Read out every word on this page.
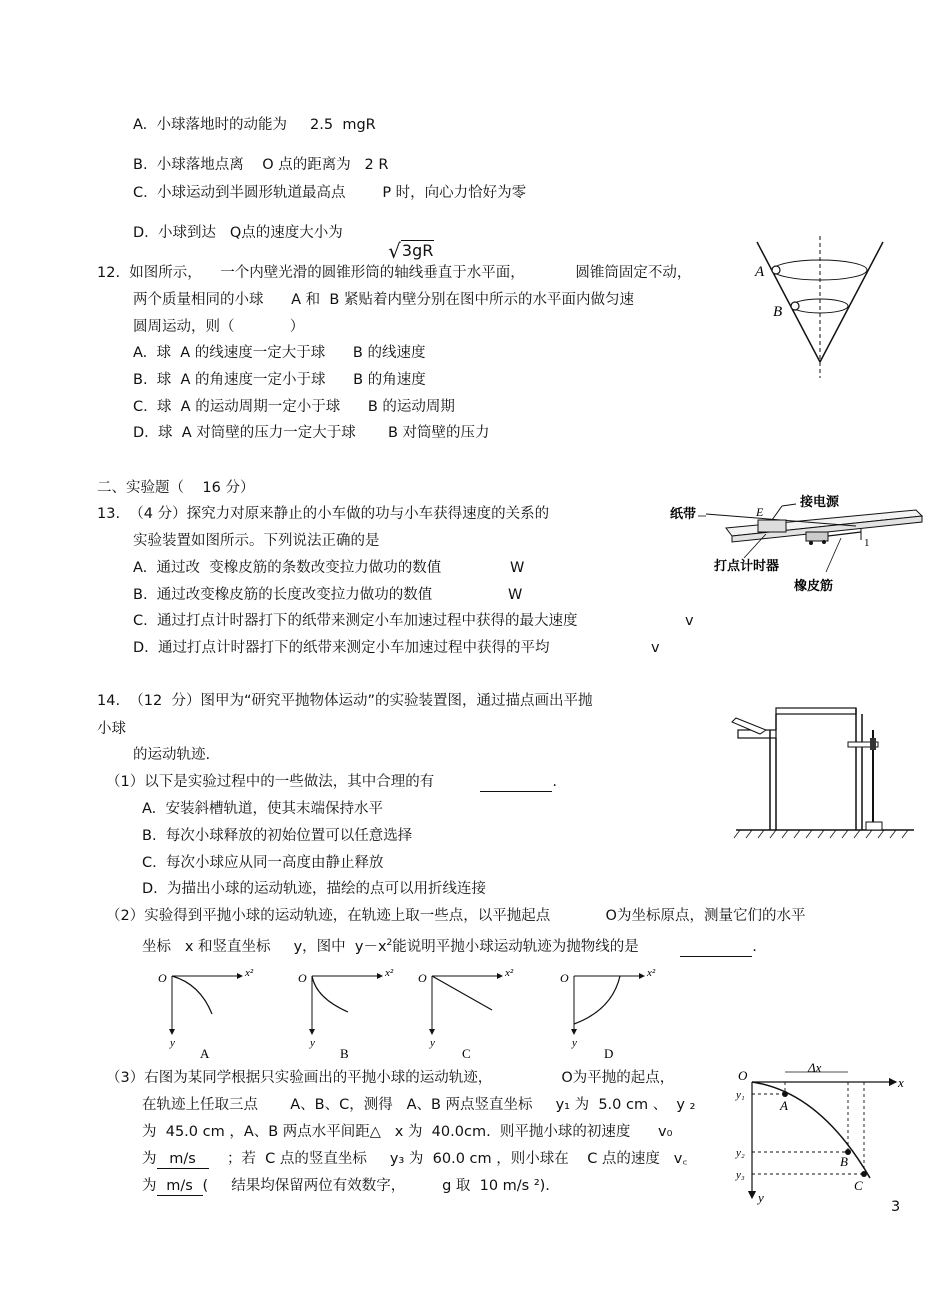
A.  小球落地时的动能为     2.5  mgR
B.  小球落地点离    O 点的距离为   2 R
C.  小球运动到半圆形轨道最高点        P 时，向心力恰好为零
D.  小球到达   Q点的速度大小为

√3gR

12.  如图所示，    一个内壁光滑的圆锥形筒的轴线垂直于水平面，           圆锥筒固定不动，
两个质量相同的小球      A 和  B 紧贴着内壁分别在图中所示的水平面内做匀速
圆周运动，则（            ）
A.  球  A 的线速度一定大于球      B 的线速度
B.  球  A 的角速度一定小于球      B 的角速度
C.  球  A 的运动周期一定小于球      B 的运动周期
D.  球  A 对筒壁的压力一定大于球       B 对筒壁的压力
A
B
二、实验题（    16 分）
13.  （4 分）探究力对原来静止的小车做的功与小车获得速度的关系的
实验装置如图所示。下列说法正确的是
A.  通过改  变橡皮筋的条数改变拉力做功的数值	W
B.  通过改变橡皮筋的长度改变拉力做功的数值	W
C.  通过打点计时器打下的纸带来测定小车加速过程中获得的最大速度	v
D.  通过打点计时器打下的纸带来测定小车加速过程中获得的平均	v
纸带
接电源
打点计时器
橡皮筋
E
1
14.  （12  分）图甲为“研究平抛物体运动”的实验装置图，通过描点画出平抛
小球
的运动轨迹.
（1）以下是实验过程中的一些做法，其中合理的有	.
A.  安装斜槽轨道，使其末端保持水平
B.  每次小球释放的初始位置可以任意选择
C.  每次小球应从同一高度由静止释放
D.  为描出小球的运动轨迹，描绘的点可以用折线连接
（2）实验得到平抛小球的运动轨迹，在轨迹上取一些点，以平抛起点            O为坐标原点，测量它们的水平
坐标   x 和竖直坐标     y，图中  $y-x^2$能说明平抛小球运动轨迹为抛物线的是	.
O	x²
y
A
O	x²
y
B
O	x²
y
C
O	x²
y
D
（3）右图为某同学根据只实验画出的平抛小球的运动轨迹，               O为平抛的起点，
在轨迹上任取三点       A、B、C，测得   A、B 两点竖直坐标     y₁ 为  5.0 cm 、  y ₂
为  45.0 cm ，A、B 两点水平间距△   x 为  40.0cm.  则平抛小球的初速度      v₀
为 m/s ；若  C 点的竖直坐标     y₃ 为  60.0 cm ，则小球在    C 点的速度   v꜀
为 m/s (     结果均保留两位有效数字，        g 取  10 m/s ²).
O
Δx
x
y
y₁
y₂
y₃
A
B
C
3
